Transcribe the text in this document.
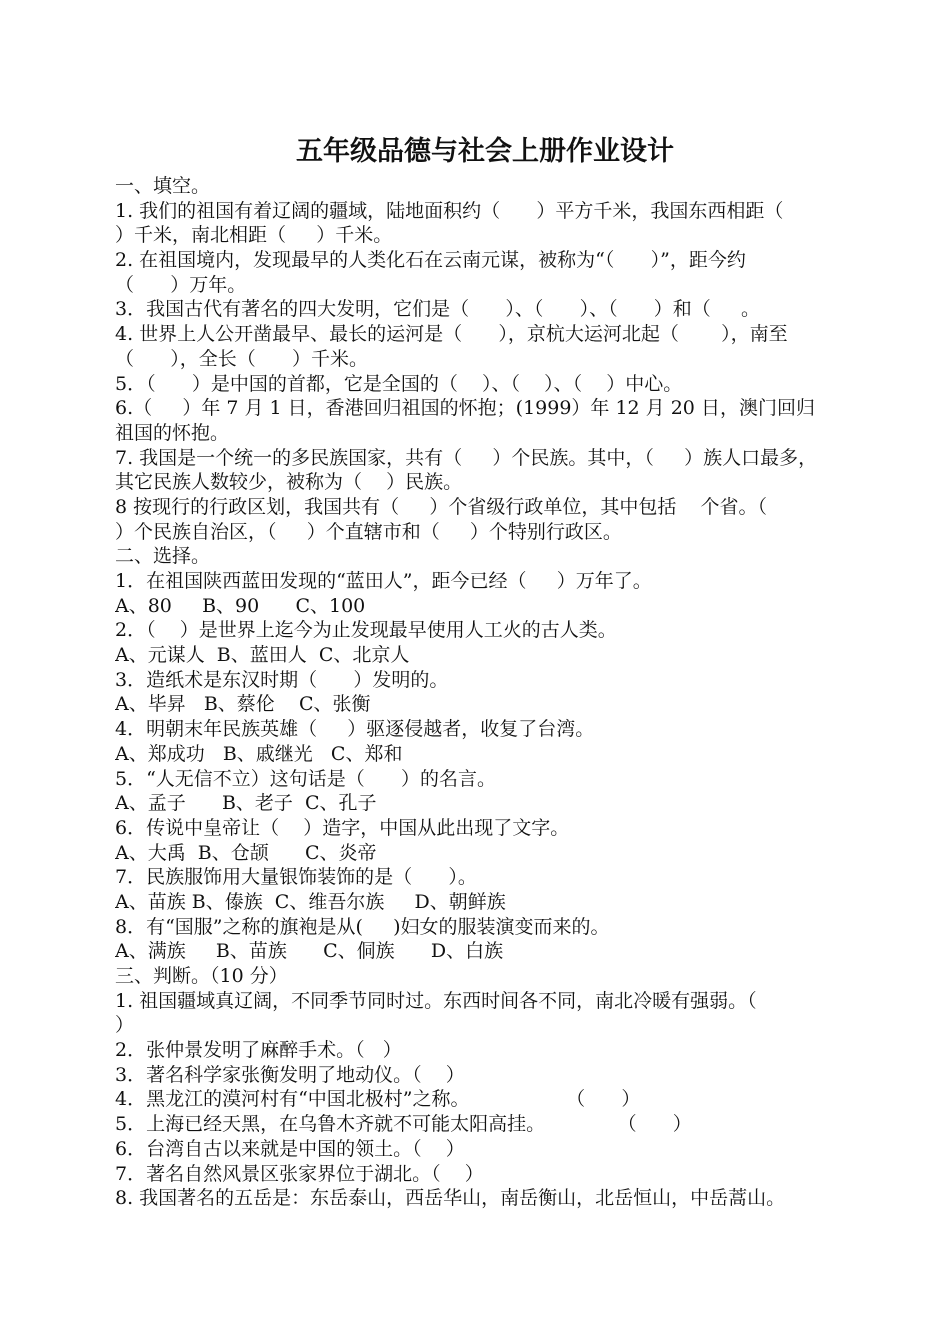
五年级品德与社会上册作业设计
一、填空。
1. 我们的祖国有着辽阔的疆域，陆地面积约（      ）平方千米，我国东西相距（
）千米，南北相距（     ）千米。
2. 在祖国境内，发现最早的人类化石在云南元谋，被称为“（      ）”，距今约
（      ）万年。
3．我国古代有著名的四大发明，它们是（      ）、（      ）、（      ）和（     。
4. 世界上人公开凿最早、最长的运河是（      ），京杭大运河北起（       ），南至
（      ），全长（      ）千米。
5．（      ）是中国的首都，它是全国的（    ）、（    ）、（    ）中心。
6.（     ）年 7 月 1 日，香港回归祖国的怀抱；(1999）年 12 月 20 日，澳门回归
祖国的怀抱。
7. 我国是一个统一的多民族国家，共有（     ）个民族。其中，（     ）族人口最多，
其它民族人数较少，被称为（    ）民族。
8 按现行的行政区划，我国共有（     ）个省级行政单位，其中包括    个省。（
）个民族自治区，（     ）个直辖市和（     ）个特别行政区。
二、选择。
1．在祖国陕西蓝田发现的“蓝田人”，距今已经（     ）万年了。
A、80     B、90      C、100
2．（    ）是世界上迄今为止发现最早使用人工火的古人类。
A、元谋人  B、蓝田人  C、北京人
3．造纸术是东汉时期（      ）发明的。
A、毕昇   B、蔡伦    C、张衡
4．明朝末年民族英雄（     ）驱逐侵越者，收复了台湾。
A、郑成功   B、戚继光   C、郑和
5．“人无信不立）这句话是（      ）的名言。
A、孟子      B、老子  C、孔子
6．传说中皇帝让（    ）造字，中国从此出现了文字。
A、大禹  B、仓颉      C、炎帝
7．民族服饰用大量银饰装饰的是（      ）。
A、苗族 B、傣族  C、维吾尔族     D、朝鲜族
8．有“国服”之称的旗袍是从(     )妇女的服装演变而来的。
A、满族     B、苗族      C、侗族      D、白族
三、判断。（10 分）
1. 祖国疆域真辽阔，不同季节同时过。东西时间各不同，南北冷暖有强弱。（
）
2．张仲景发明了麻醉手术。（   ）
3．著名科学家张衡发明了地动仪。（    ）
4．黑龙江的漠河村有“中国北极村”之称。                （      ）
5．上海已经天黑，在乌鲁木齐就不可能太阳高挂。            （      ）
6．台湾自古以来就是中国的领土。（    ）
7．著名自然风景区张家界位于湖北。（    ）
8. 我国著名的五岳是：东岳泰山，西岳华山，南岳衡山，北岳恒山，中岳蒿山。
